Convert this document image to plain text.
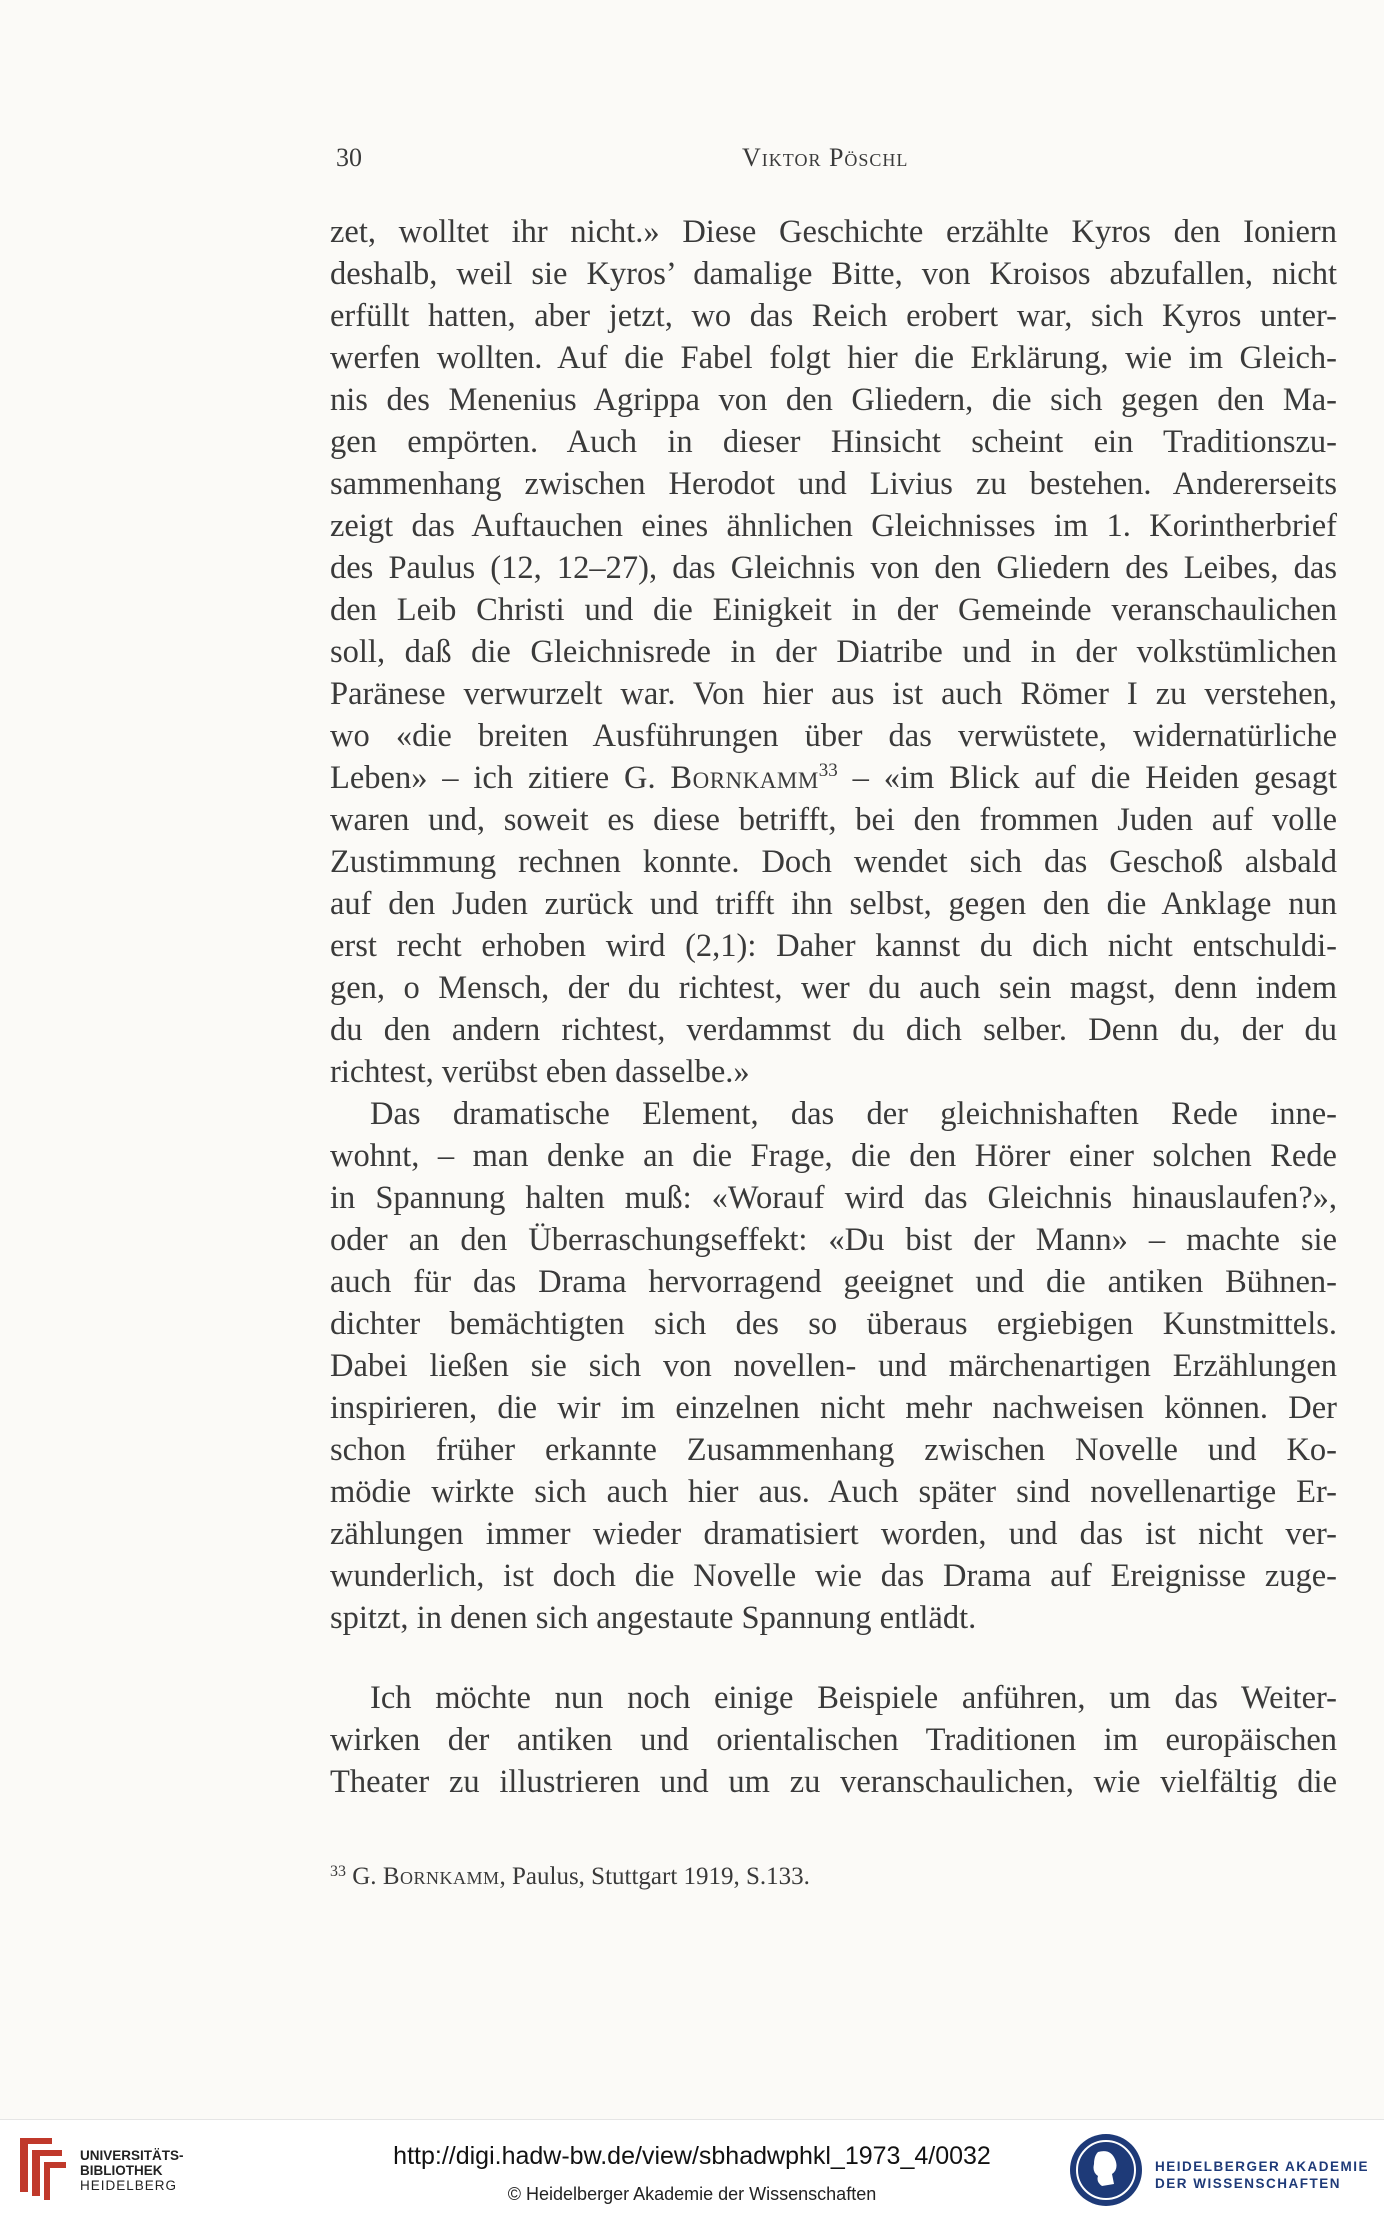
30	Viktor Pöschl
zet, wolltet ihr nicht.» Diese Geschichte erzählte Kyros den Ioniern
deshalb, weil sie Kyros’ damalige Bitte, von Kroisos abzufallen, nicht
erfüllt hatten, aber jetzt, wo das Reich erobert war, sich Kyros unter-
werfen wollten. Auf die Fabel folgt hier die Erklärung, wie im Gleich-
nis des Menenius Agrippa von den Gliedern, die sich gegen den Ma-
gen empörten. Auch in dieser Hinsicht scheint ein Traditionszu-
sammenhang zwischen Herodot und Livius zu bestehen. Andererseits
zeigt das Auftauchen eines ähnlichen Gleichnisses im 1. Korintherbrief
des Paulus (12, 12–27), das Gleichnis von den Gliedern des Leibes, das
den Leib Christi und die Einigkeit in der Gemeinde veranschaulichen
soll, daß die Gleichnisrede in der Diatribe und in der volkstümlichen
Paränese verwurzelt war. Von hier aus ist auch Römer I zu verstehen,
wo «die breiten Ausführungen über das verwüstete, widernatürliche
Leben» – ich zitiere G. Bornkamm$^{33}$ – «im Blick auf die Heiden gesagt
waren und, soweit es diese betrifft, bei den frommen Juden auf volle
Zustimmung rechnen konnte. Doch wendet sich das Geschoß alsbald
auf den Juden zurück und trifft ihn selbst, gegen den die Anklage nun
erst recht erhoben wird (2,1): Daher kannst du dich nicht entschuldi-
gen, o Mensch, der du richtest, wer du auch sein magst, denn indem
du den andern richtest, verdammst du dich selber. Denn du, der du
richtest, verübst eben dasselbe.»
Das dramatische Element, das der gleichnishaften Rede inne-
wohnt, – man denke an die Frage, die den Hörer einer solchen Rede
in Spannung halten muß: «Worauf wird das Gleichnis hinauslaufen?»,
oder an den Überraschungseffekt: «Du bist der Mann» – machte sie
auch für das Drama hervorragend geeignet und die antiken Bühnen-
dichter bemächtigten sich des so überaus ergiebigen Kunstmittels.
Dabei ließen sie sich von novellen- und märchenartigen Erzählungen
inspirieren, die wir im einzelnen nicht mehr nachweisen können. Der
schon früher erkannte Zusammenhang zwischen Novelle und Ko-
mödie wirkte sich auch hier aus. Auch später sind novellenartige Er-
zählungen immer wieder dramatisiert worden, und das ist nicht ver-
wunderlich, ist doch die Novelle wie das Drama auf Ereignisse zuge-
spitzt, in denen sich angestaute Spannung entlädt.
Ich möchte nun noch einige Beispiele anführen, um das Weiter-
wirken der antiken und orientalischen Traditionen im europäischen
Theater zu illustrieren und um zu veranschaulichen, wie vielfältig die
$^{33}$ G. Bornkamm, Paulus, Stuttgart 1919, S.133.
UNIVERSITÄTS-
BIBLIOTHEK
HEIDELBERG
http://digi.hadw-bw.de/view/sbhadwphkl_1973_4/0032
© Heidelberger Akademie der Wissenschaften
HEIDELBERGER AKADEMIE
DER WISSENSCHAFTEN
